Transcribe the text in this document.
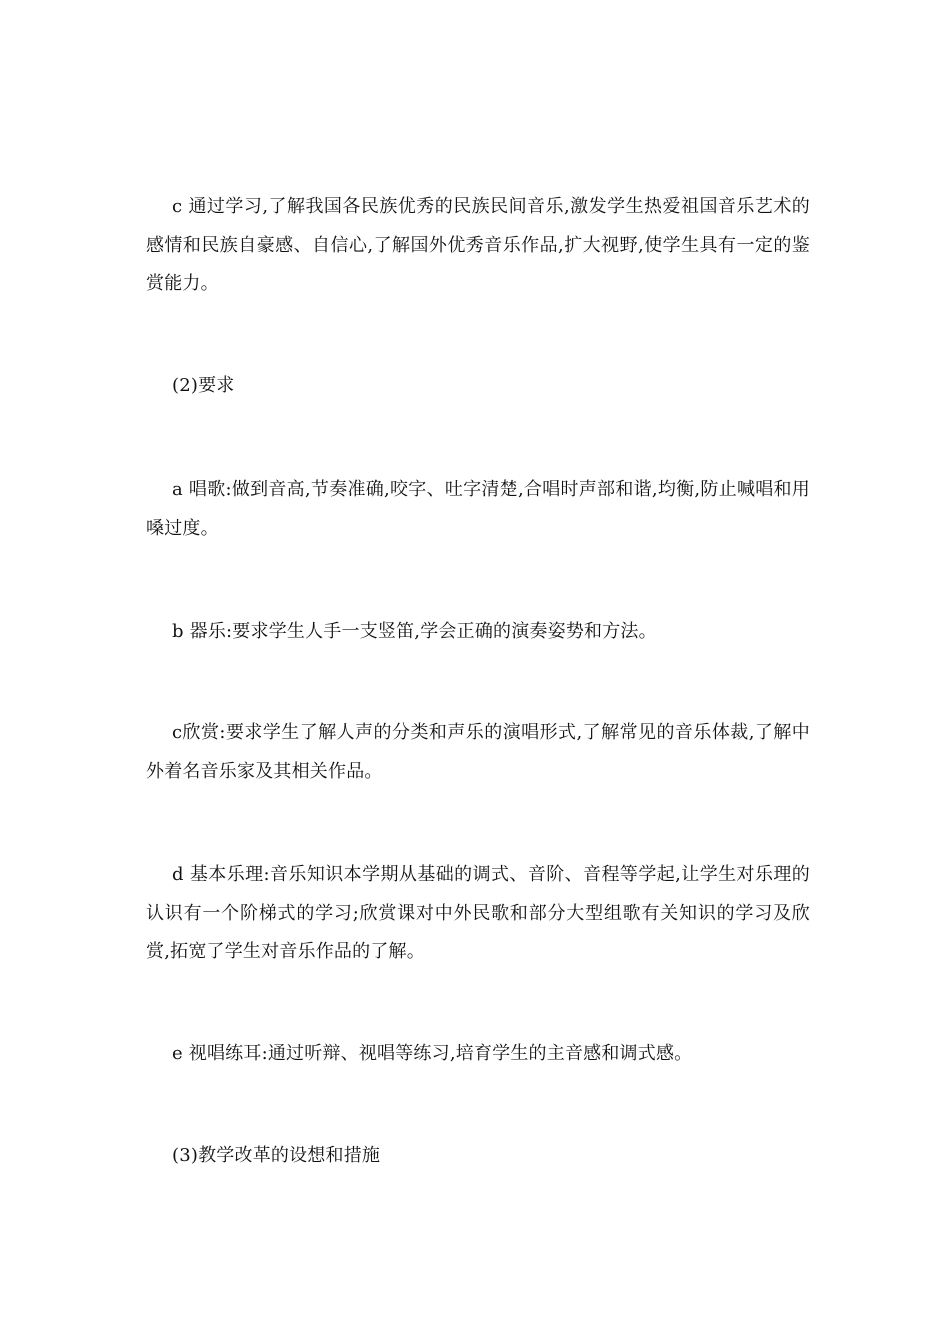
c 通过学习,了解我国各民族优秀的民族民间音乐,激发学生热爱祖国音乐艺术的感情和民族自豪感、自信心,了解国外优秀音乐作品,扩大视野,使学生具有一定的鉴赏能力。

(2)要求

a 唱歌:做到音高,节奏准确,咬字、吐字清楚,合唱时声部和谐,均衡,防止喊唱和用嗓过度。

b 器乐:要求学生人手一支竖笛,学会正确的演奏姿势和方法。

c欣赏:要求学生了解人声的分类和声乐的演唱形式,了解常见的音乐体裁,了解中外着名音乐家及其相关作品。

d 基本乐理:音乐知识本学期从基础的调式、音阶、音程等学起,让学生对乐理的认识有一个阶梯式的学习;欣赏课对中外民歌和部分大型组歌有关知识的学习及欣赏,拓宽了学生对音乐作品的了解。

e 视唱练耳:通过听辩、视唱等练习,培育学生的主音感和调式感。

(3)教学改革的设想和措施
